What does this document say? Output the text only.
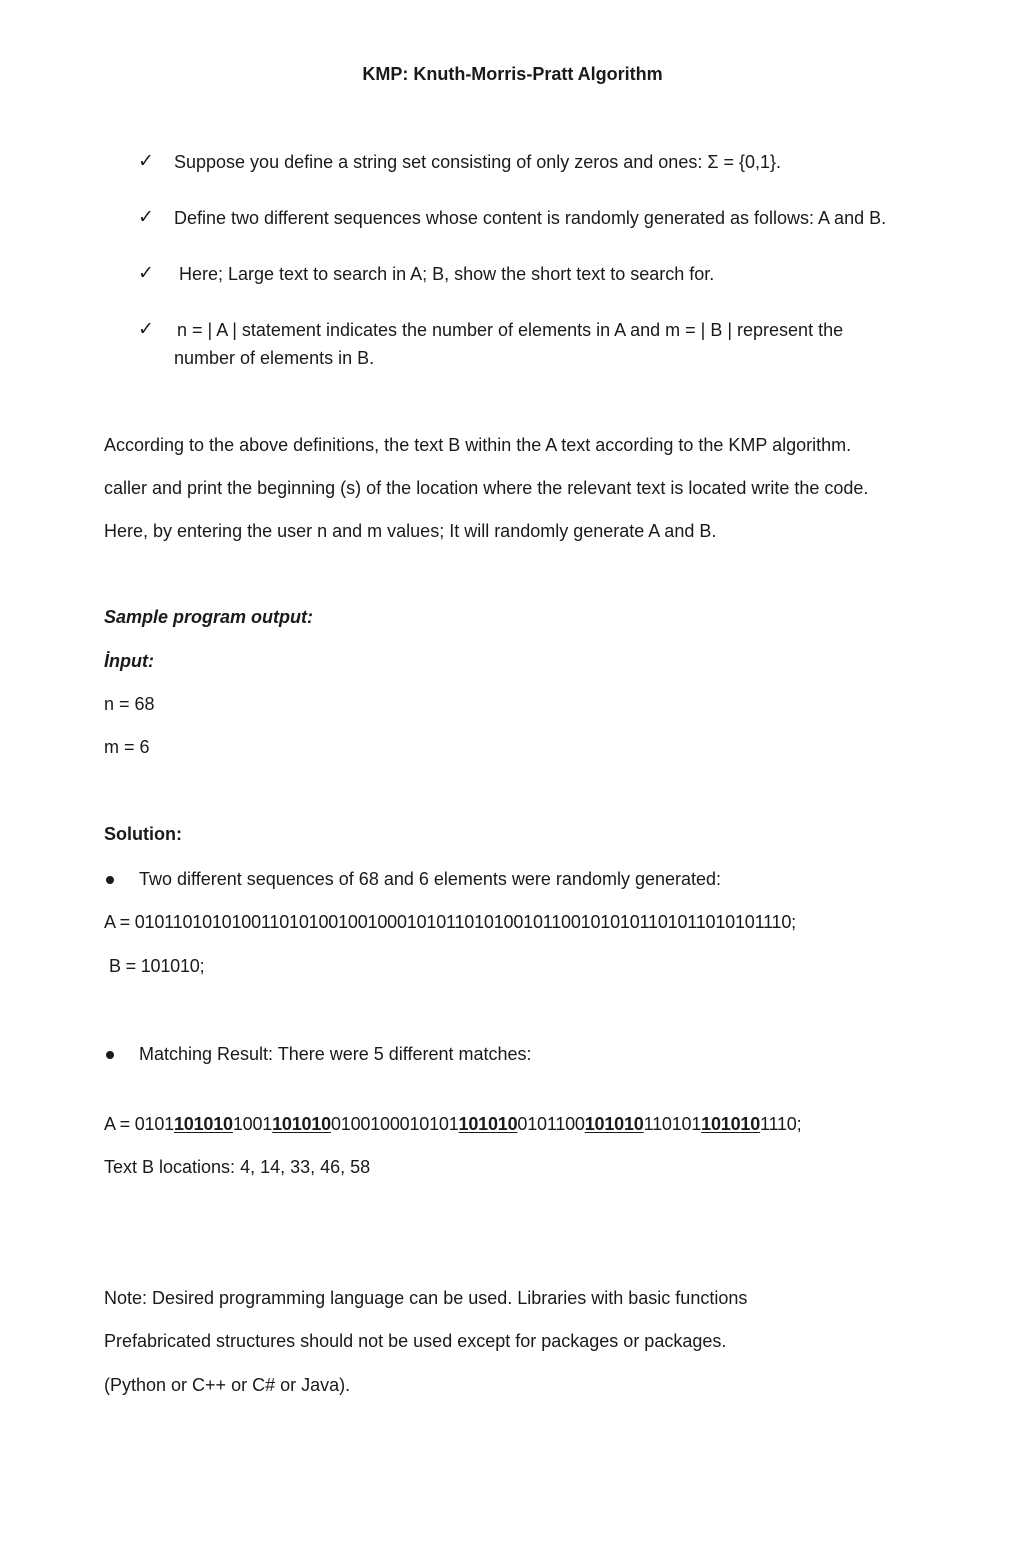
KMP: Knuth-Morris-Pratt Algorithm
✓ Suppose you define a string set consisting of only zeros and ones: Σ = {0,1}.
✓ Define two different sequences whose content is randomly generated as follows: A and B.
✓ Here; Large text to search in A; B, show the short text to search for.
✓ n = | A | statement indicates the number of elements in A and m = | B | represent the
number of elements in B.
According to the above definitions, the text B within the A text according to the KMP algorithm.
caller and print the beginning (s) of the location where the relevant text is located write the code.
Here, by entering the user n and m values; It will randomly generate A and B.
Sample program output:
İnput:
n = 68
m = 6
Solution:
Two different sequences of 68 and 6 elements were randomly generated:
A = 01011010101001101010010010001010110101001011001010101101011010101110;
B = 101010;
Matching Result: There were 5 different matches:
A = 01011010101001101010010010001010110101001011001010101101011010101110;
Text B locations: 4, 14, 33, 46, 58
Note: Desired programming language can be used. Libraries with basic functions
Prefabricated structures should not be used except for packages or packages.
(Python or C++ or C# or Java).
